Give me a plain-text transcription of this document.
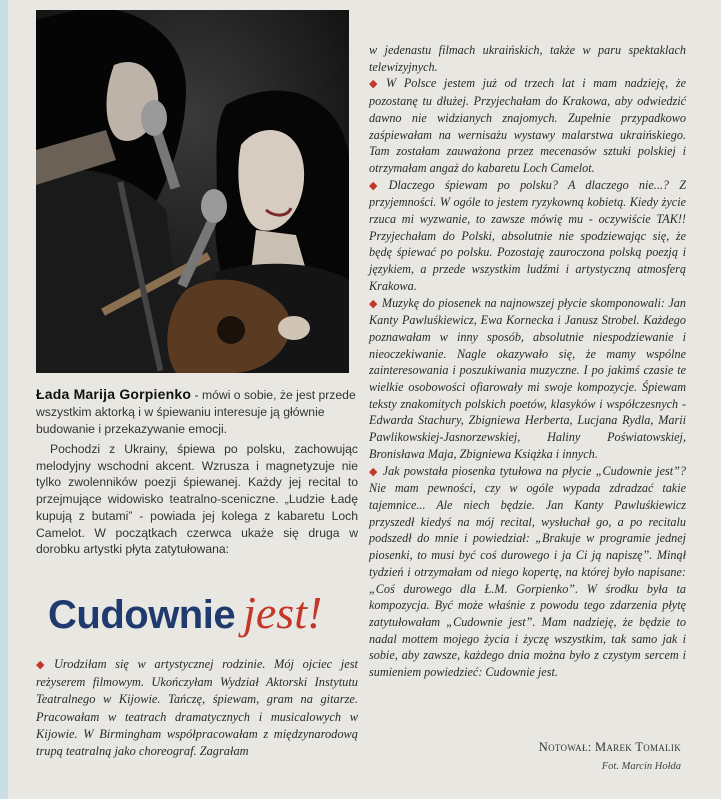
Łada Marija Gorpienko - mówi o sobie, że jest przede wszystkim aktorką i w śpiewaniu interesuje ją głównie budowanie i przekazywanie emocji.

Pochodzi z Ukrainy, śpiewa po polsku, zachowując melodyjny wschodni akcent. Wzrusza i magnetyzuje nie tylko zwolenników poezji śpiewanej. Każdy jej recital to przejmujące widowisko teatralno-sceniczne. „Ludzie Ładę kupują z butami” - powiada jej kolega z kabaretu Loch Camelot. W początkach czerwca ukaże się druga w dorobku artystki płyta zatytułowana:

Cudownie jest!
◆ Urodziłam się w artystycznej rodzinie. Mój ojciec jest reżyserem filmowym. Ukończyłam Wydział Aktorski Instytutu Teatralnego w Kijowie. Tańczę, śpiewam, gram na gitarze. Pracowałam w teatrach dramatycznych i musicalowych w Kijowie. W Birmingham współpracowałam z międzynarodową trupą teatralną jako choreograf. Zagrałam

w jedenastu filmach ukraińskich, także w paru spektaklach telewizyjnych.

◆ W Polsce jestem już od trzech lat i mam nadzieję, że pozostanę tu dłużej. Przyjechałam do Krakowa, aby odwiedzić dawno nie widzianych znajomych. Zupełnie przypadkowo zaśpiewałam na wernisażu wystawy malarstwa ukraińskiego. Tam zostałam zauważona przez mecenasów sztuki polskiej i otrzymałam angaż do kabaretu Loch Camelot.

◆ Dlaczego śpiewam po polsku? A dlaczego nie...? Z przyjemności. W ogóle to jestem ryzykowną kobietą. Kiedy życie rzuca mi wyzwanie, to zawsze mówię mu - oczywiście TAK!! Przyjechałam do Polski, absolutnie nie spodziewając się, że będę śpiewać po polsku. Pozostaję zauroczona polską poezją i językiem, a przede wszystkim ludźmi i artystyczną atmosferą Krakowa.

◆ Muzykę do piosenek na najnowszej płycie skomponowali: Jan Kanty Pawluśkiewicz, Ewa Kornecka i Janusz Strobel. Każdego poznawałam w inny sposób, absolutnie niespodziewanie i nieoczekiwanie. Nagle okazywało się, że mamy wspólne zainteresowania i poszukiwania muzyczne. I po jakimś czasie te wielkie osobowości ofiarowały mi swoje kompozycje. Śpiewam teksty znakomitych polskich poetów, klasyków i współczesnych - Edwarda Stachury, Zbigniewa Herberta, Lucjana Rydla, Marii Pawlikowskiej-Jasnorzewskiej, Haliny Poświatowskiej, Bronisława Maja, Zbigniewa Książka i innych.

◆ Jak powstała piosenka tytułowa na płycie „Cudownie jest”? Nie mam pewności, czy w ogóle wypada zdradzać takie tajemnice... Ale niech będzie. Jan Kanty Pawluśkiewicz przyszedł kiedyś na mój recital, wysłuchał go, a po recitalu podszedł do mnie i powiedział: „Brakuje w programie jednej piosenki, to musi być coś durowego i ja Ci ją napiszę”. Minął tydzień i otrzymałam od niego kopertę, na której było napisane: „Coś durowego dla Ł.M. Gorpienko”. W środku była ta kompozycja. Być może właśnie z powodu tego zdarzenia płytę zatytułowałam „Cudownie jest”. Mam nadzieję, że będzie to nadal mottem mojego życia i życzę wszystkim, tak samo jak i sobie, aby zawsze, każdego dnia można było z czystym sercem i sumieniem powiedzieć: Cudownie jest.

Notował: Marek Tomalik
Fot. Marcin Hołda
